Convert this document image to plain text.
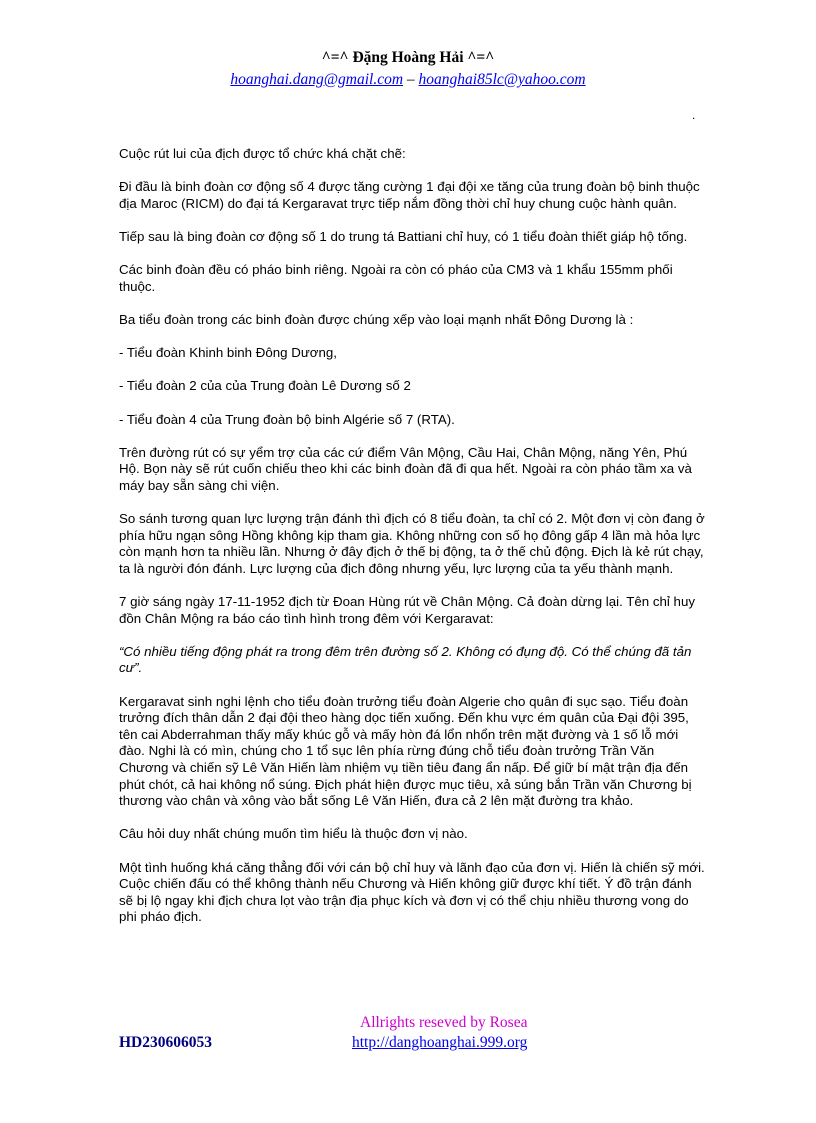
^=^ Đặng Hoàng Hải ^=^
hoanghai.dang@gmail.com – hoanghai85lc@yahoo.com
.

Cuộc rút lui của địch được tổ chức khá chặt chẽ:

Đi đầu là binh đoàn cơ động số 4 được tăng cường 1 đại đội xe tăng của trung đoàn bộ binh thuộc địa Maroc (RICM) do đại tá Kergaravat trực tiếp nắm đồng thời chỉ huy chung cuộc hành quân.

Tiếp sau là bing đoàn cơ động số 1 do trung tá Battiani chỉ huy, có 1 tiểu đoàn thiết giáp hộ tống.

Các binh đoàn đều có pháo binh riêng. Ngoài ra còn có pháo của CM3 và 1 khẩu 155mm phối thuộc.

Ba tiểu đoàn trong các binh đoàn được chúng xếp vào loại mạnh nhất Đông Dương là :

- Tiểu đoàn Khinh binh Đông Dương,

- Tiểu đoàn 2 của của Trung đoàn Lê Dương số 2

- Tiểu đoàn 4 của Trung đoàn bộ binh Algérie số 7 (RTA).

Trên đường rút có sự yểm trợ của các cứ điểm Vân Mộng, Cầu Hai, Chân Mộng, năng Yên, Phú Hộ. Bọn này sẽ rút cuốn chiếu theo khi các binh đoàn đã đi qua hết. Ngoài ra còn pháo tầm xa và máy bay sẵn sàng chi viện.

So sánh tương quan lực lượng trận đánh thì địch có 8 tiểu đoàn, ta chỉ có 2. Một đơn vị còn đang ở phía hữu ngạn sông Hồng không kịp tham gia. Không những con số họ đông gấp 4 lần mà hỏa lực còn mạnh hơn ta nhiều lần. Nhưng ở đây địch ở thế bị động, ta ở thế chủ động. Địch là kẻ rút chạy, ta là người đón đánh. Lực lượng của địch đông nhưng yếu, lực lượng của ta yếu thành mạnh.

7 giờ sáng ngày 17-11-1952 địch từ Đoan Hùng rút về Chân Mộng. Cả đoàn dừng lại. Tên chỉ huy đồn Chân Mộng ra báo cáo tình hình trong đêm với Kergaravat:

“Có nhiều tiếng động phát ra trong đêm trên đường số 2. Không có đụng độ. Có thể chúng đã tản cư”.

Kergaravat sinh nghi lệnh cho tiểu đoàn trưởng tiểu đoàn Algerie cho quân đi sục sạo. Tiểu đoàn trưởng đích thân dẫn 2 đại đội theo hàng dọc tiến xuống. Đến khu vực ém quân của Đại đội 395, tên cai Abderrahman thấy mấy khúc gỗ và mấy hòn đá lổn nhổn trên mặt đường và 1 số lỗ mới đào. Nghi là có mìn, chúng cho 1 tổ sục lên phía rừng đúng chỗ tiểu đoàn trưởng Trần Văn Chương và chiến sỹ Lê Văn Hiến làm nhiệm vụ tiền tiêu đang ẩn nấp. Để giữ bí mật trận địa đến phút chót, cả hai không nổ súng. Địch phát hiện được mục tiêu, xả súng bắn Trần văn Chương bị thương vào chân và xông vào bắt sống Lê Văn Hiến, đưa cả 2 lên mặt đường tra khảo.

Câu hỏi duy nhất chúng muốn tìm hiểu là thuộc đơn vị nào.

Một tình huống khá căng thẳng đối với cán bộ chỉ huy và lãnh đạo của đơn vị. Hiến là chiến sỹ mới. Cuộc chiến đấu có thể không thành nếu Chương và Hiến không giữ được khí tiết. Ý đồ trận đánh sẽ bị lộ ngay khi địch chưa lọt vào trận địa phục kích và đơn vị có thể chịu nhiều thương vong do phi pháo địch.

Allrights reseved by Rosea
HD230606053	http://danghoanghai.999.org
